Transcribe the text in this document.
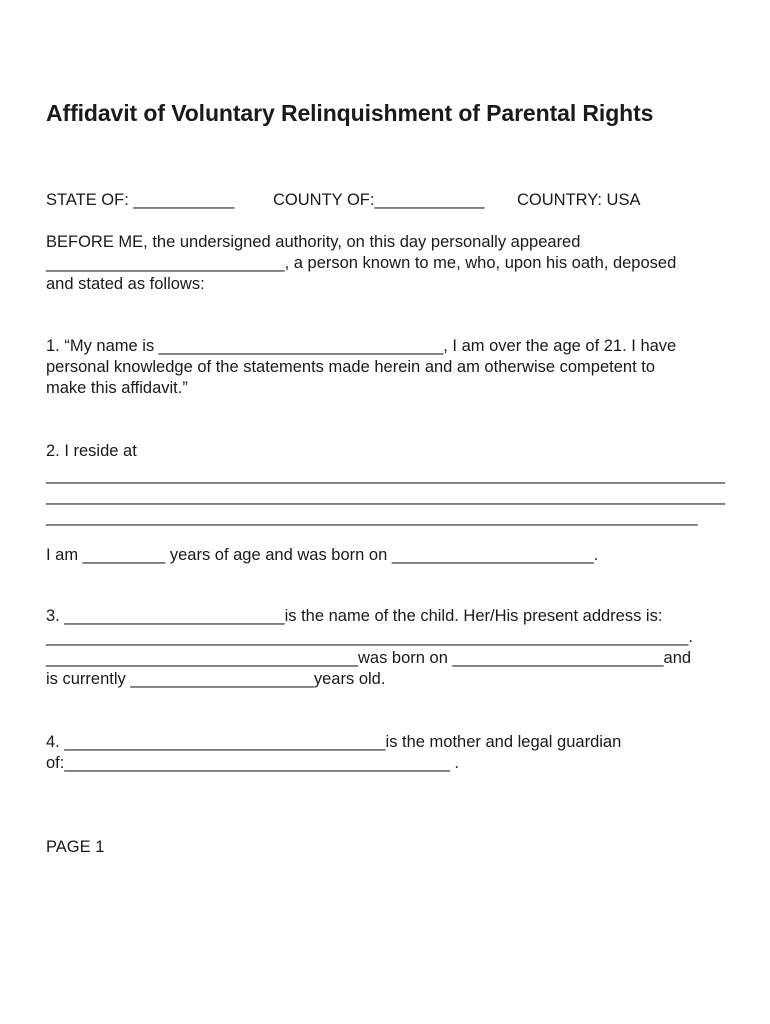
Affidavit of Voluntary Relinquishment of Parental Rights

STATE OF: ___________ COUNTY OF:____________ COUNTRY: USA

BEFORE ME, the undersigned authority, on this day personally appeared

__________________________, a person known to me, who, upon his oath, deposed

and stated as follows:

1. “My name is _______________________________, I am over the age of 21. I have

personal knowledge of the statements made herein and am otherwise competent to

make this affidavit.”

2. I reside at

__________________________________________________________________________

__________________________________________________________________________

_______________________________________________________________________

I am _________ years of age and was born on ______________________.

3. ________________________is the name of the child. Her/His present address is:

______________________________________________________________________.

__________________________________was born on _______________________and

is currently ____________________years old.

4. ___________________________________is the mother and legal guardian

of:__________________________________________ .

PAGE 1
